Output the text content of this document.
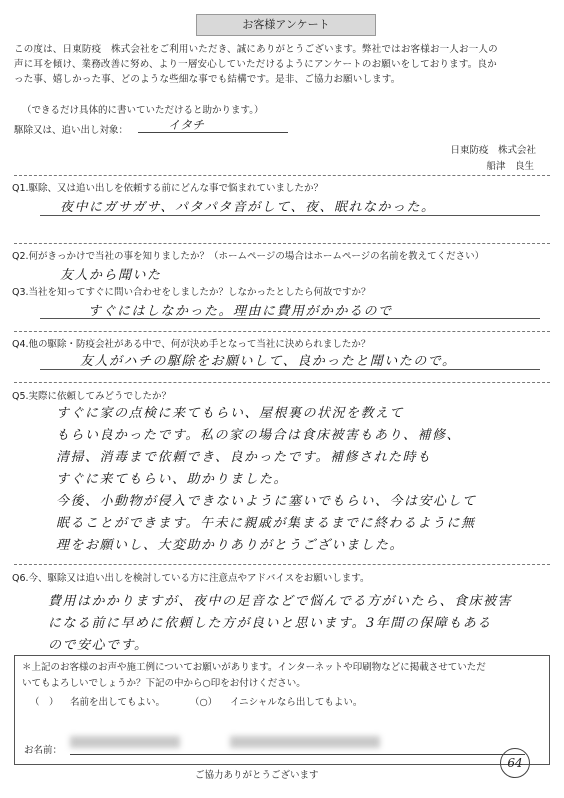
お客様アンケート
この度は、日東防疫　株式会社をご利用いただき、誠にありがとうございます。弊社ではお客様お一人お一人の
声に耳を傾け、業務改善に努め、より一層安心していただけるようにアンケートのお願いをしております。良か
った事、嬉しかった事、どのような些細な事でも結構です。是非、ご協力お願いします。
（できるだけ具体的に書いていただけると助かります。）
駆除又は、追い出し対象：	イタチ
日東防疫　株式会社
船津　良生
Q1.駆除、又は追い出しを依頼する前にどんな事で悩まれていましたか？
夜中にガサガサ、パタパタ音がして、夜、眠れなかった。
Q2.何がきっかけで当社の事を知りましたか？（ホームページの場合はホームページの名前を教えてください）
友人から聞いた
Q3.当社を知ってすぐに問い合わせをしましたか？しなかったとしたら何故ですか？
すぐにはしなかった。理由に費用がかかるので
Q4.他の駆除・防疫会社がある中で、何が決め手となって当社に決められましたか？
友人がハチの駆除をお願いして、良かったと聞いたので。
Q5.実際に依頼してみどうでしたか？
すぐに家の点検に来てもらい、屋根裏の状況を教えて
もらい良かったです。私の家の場合は食床被害もあり、補修、
清掃、消毒まで依頼でき、良かったです。補修された時も
すぐに来てもらい、助かりました。
今後、小動物が侵入できないように塞いでもらい、今は安心して
眠ることができます。午未に親戚が集まるまでに終わるように無
理をお願いし、大変助かりありがとうございました。
Q6.今、駆除又は追い出しを検討している方に注意点やアドバイスをお願いします。
費用はかかりますが、夜中の足音などで悩んでる方がいたら、食床被害
になる前に早めに依頼した方が良いと思います。3年間の保障もある
ので安心です。
＊上記のお客様のお声や施工例についてお願いがあります。インターネットや印刷物などに掲載させていただ
いてもよろしいでしょうか？下記の中から○印をお付けください。
（　） 名前を出してもよい。	（○） イニシャルなら出してもよい。
お名前：
64
ご協力ありがとうございます
